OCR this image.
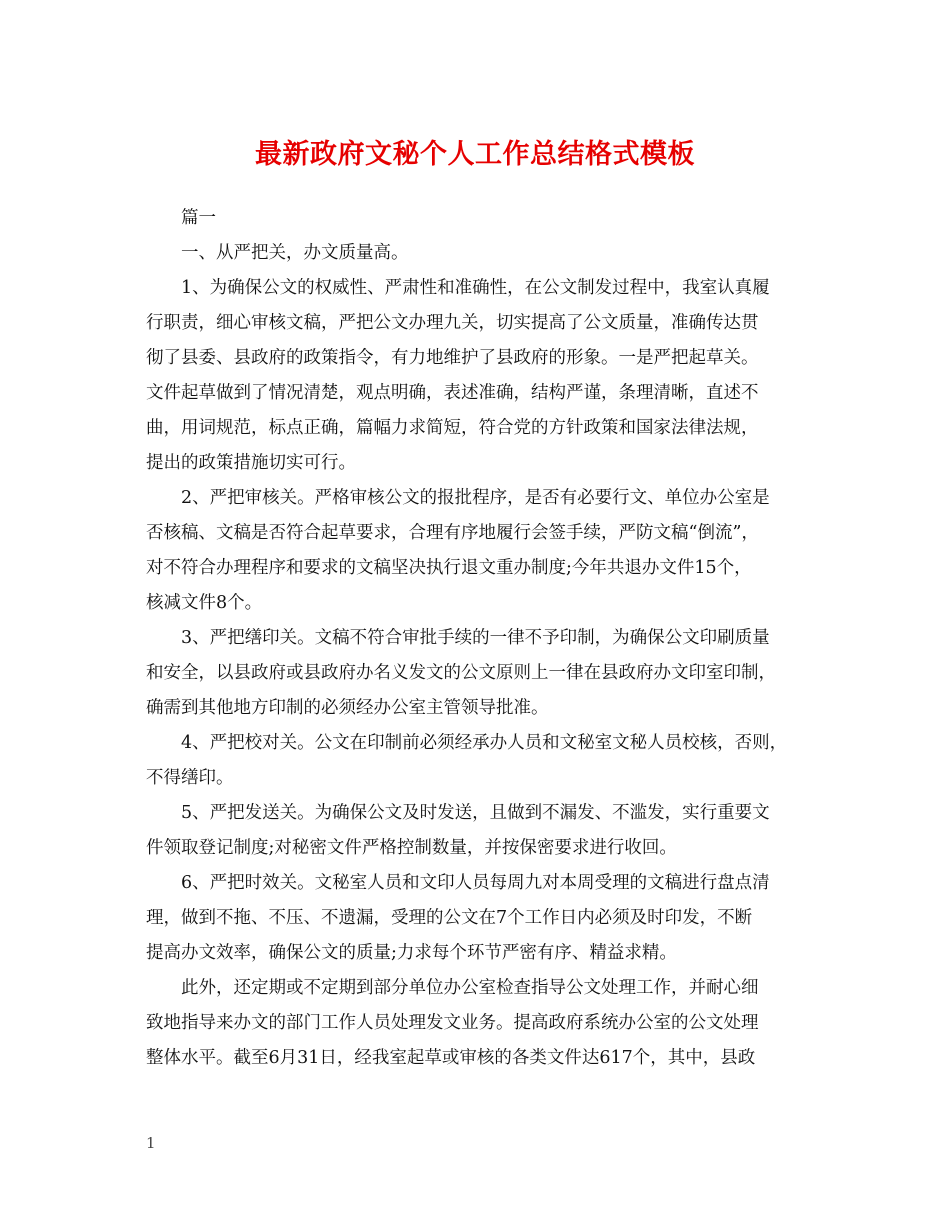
最新政府文秘个人工作总结格式模板

篇一

一、从严把关，办文质量高。

1、为确保公文的权威性、严肃性和准确性，在公文制发过程中，我室认真履

行职责，细心审核文稿，严把公文办理九关，切实提高了公文质量，准确传达贯

彻了县委、县政府的政策指令，有力地维护了县政府的形象。一是严把起草关。

文件起草做到了情况清楚，观点明确，表述准确，结构严谨，条理清晰，直述不

曲，用词规范，标点正确，篇幅力求简短，符合党的方针政策和国家法律法规，

提出的政策措施切实可行。

2、严把审核关。严格审核公文的报批程序，是否有必要行文、单位办公室是

否核稿、文稿是否符合起草要求，合理有序地履行会签手续，严防文稿“倒流”，

对不符合办理程序和要求的文稿坚决执行退文重办制度;今年共退办文件15个，

核减文件8个。

3、严把缮印关。文稿不符合审批手续的一律不予印制，为确保公文印刷质量

和安全，以县政府或县政府办名义发文的公文原则上一律在县政府办文印室印制，

确需到其他地方印制的必须经办公室主管领导批准。

4、严把校对关。公文在印制前必须经承办人员和文秘室文秘人员校核，否则，

不得缮印。

5、严把发送关。为确保公文及时发送，且做到不漏发、不滥发，实行重要文

件领取登记制度;对秘密文件严格控制数量，并按保密要求进行收回。

6、严把时效关。文秘室人员和文印人员每周九对本周受理的文稿进行盘点清

理，做到不拖、不压、不遗漏，受理的公文在7个工作日内必须及时印发，不断

提高办文效率，确保公文的质量;力求每个环节严密有序、精益求精。

此外，还定期或不定期到部分单位办公室检查指导公文处理工作，并耐心细

致地指导来办文的部门工作人员处理发文业务。提高政府系统办公室的公文处理

整体水平。截至6月31日，经我室起草或审核的各类文件达617个，其中，县政

1
